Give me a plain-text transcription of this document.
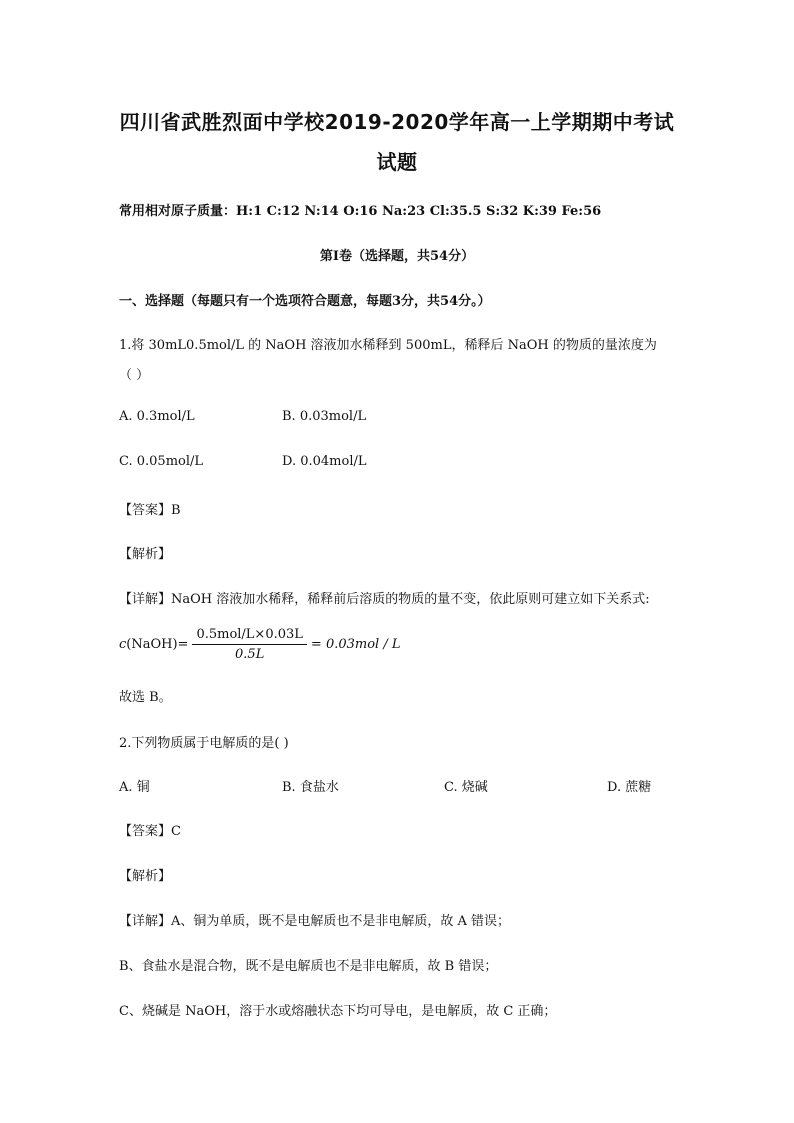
四川省武胜烈面中学校2019-2020学年高一上学期期中考试
试题
常用相对原子质量：H:1 C:12 N:14 O:16 Na:23 Cl:35.5 S:32 K:39 Fe:56
第Ⅰ卷（选择题，共54分）
一、选择题（每题只有一个选项符合题意，每题3分，共54分。）
1.将 30mL0.5mol/L 的 NaOH 溶液加水稀释到 500mL，稀释后 NaOH 的物质的量浓度为
（ ）
A. 0.3mol/L	B. 0.03mol/L
C. 0.05mol/L	D. 0.04mol/L
【答案】B
【解析】
【详解】NaOH 溶液加水稀释，稀释前后溶质的物质的量不变，依此原则可建立如下关系式:
c (NaOH)= $\frac{\text{0.5mol/L×0.03L}}{0.5L} = 0.03mol / L$
故选 B。
2.下列物质属于电解质的是( )
A. 铜	B. 食盐水	C. 烧碱	D. 蔗糖
【答案】C
【解析】
【详解】A、铜为单质，既不是电解质也不是非电解质，故 A 错误；
B、食盐水是混合物，既不是电解质也不是非电解质，故 B 错误；
C、烧碱是 NaOH，溶于水或熔融状态下均可导电，是电解质，故 C 正确；
